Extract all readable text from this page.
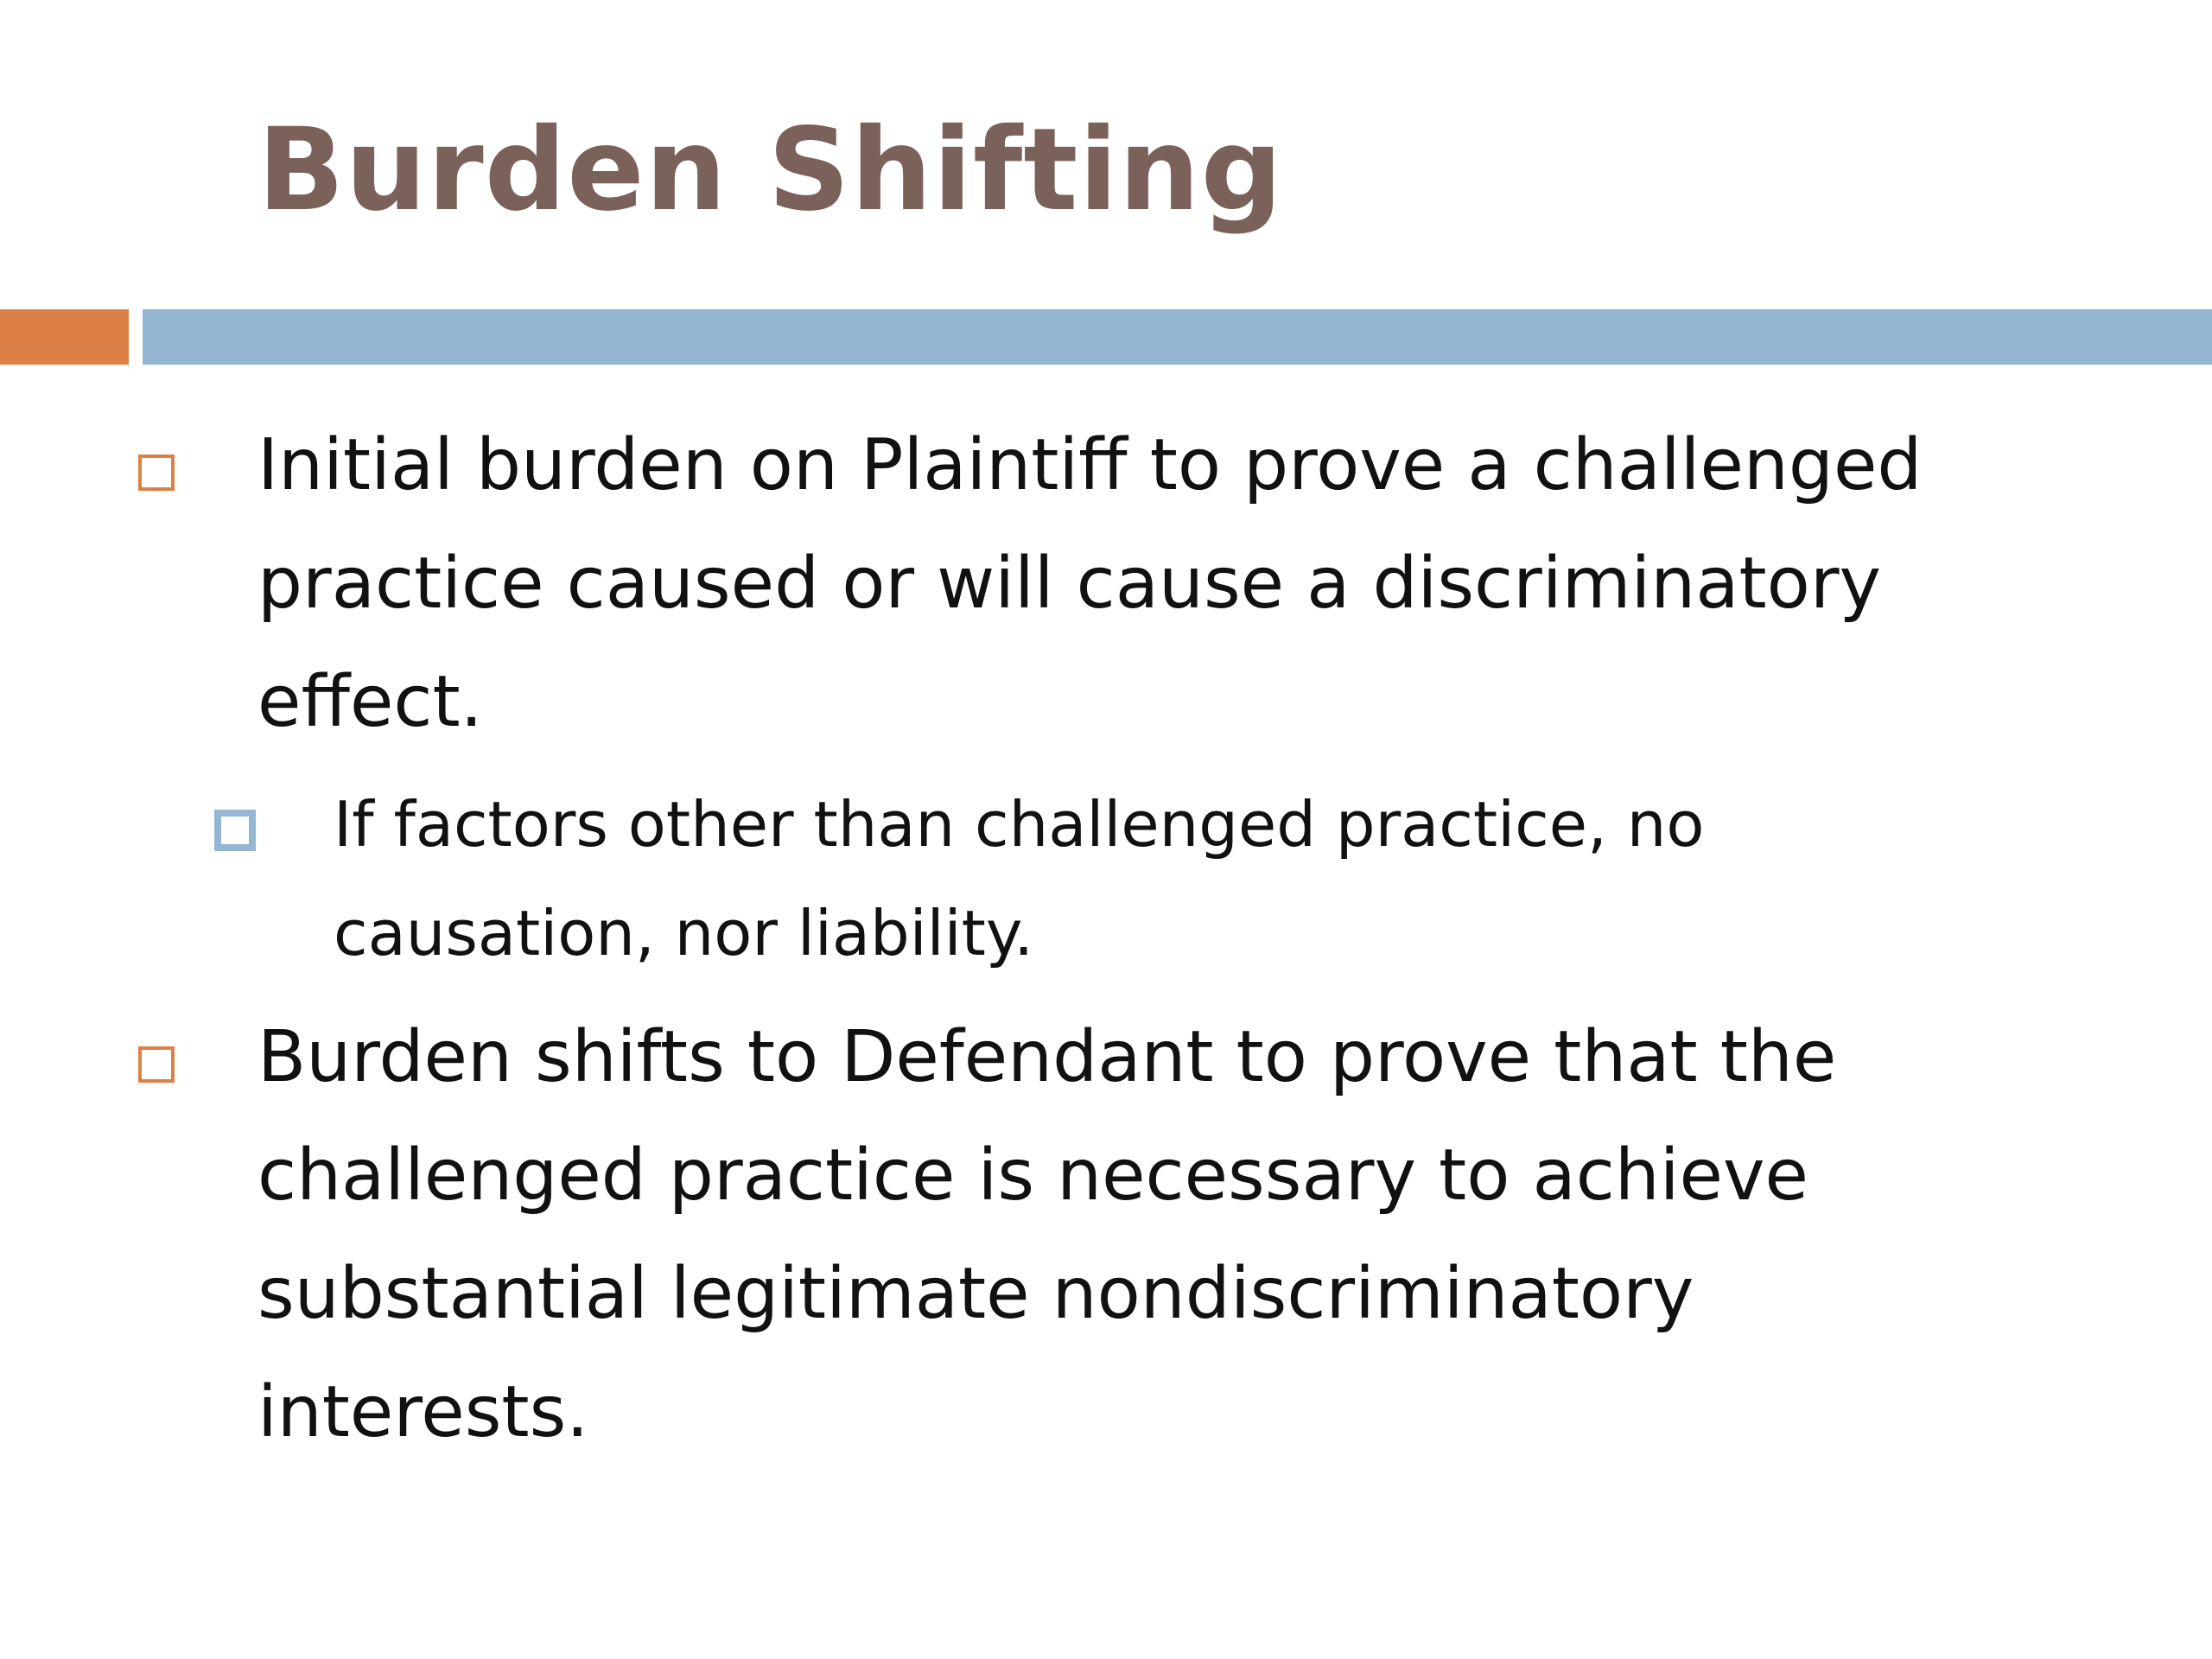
Burden Shifting

Initial burden on Plaintiff to prove a challenged practice caused or will cause a discriminatory effect.

If factors other than challenged practice, no causation, nor liability.

Burden shifts to Defendant to prove that the challenged practice is necessary to achieve substantial legitimate nondiscriminatory interests.
